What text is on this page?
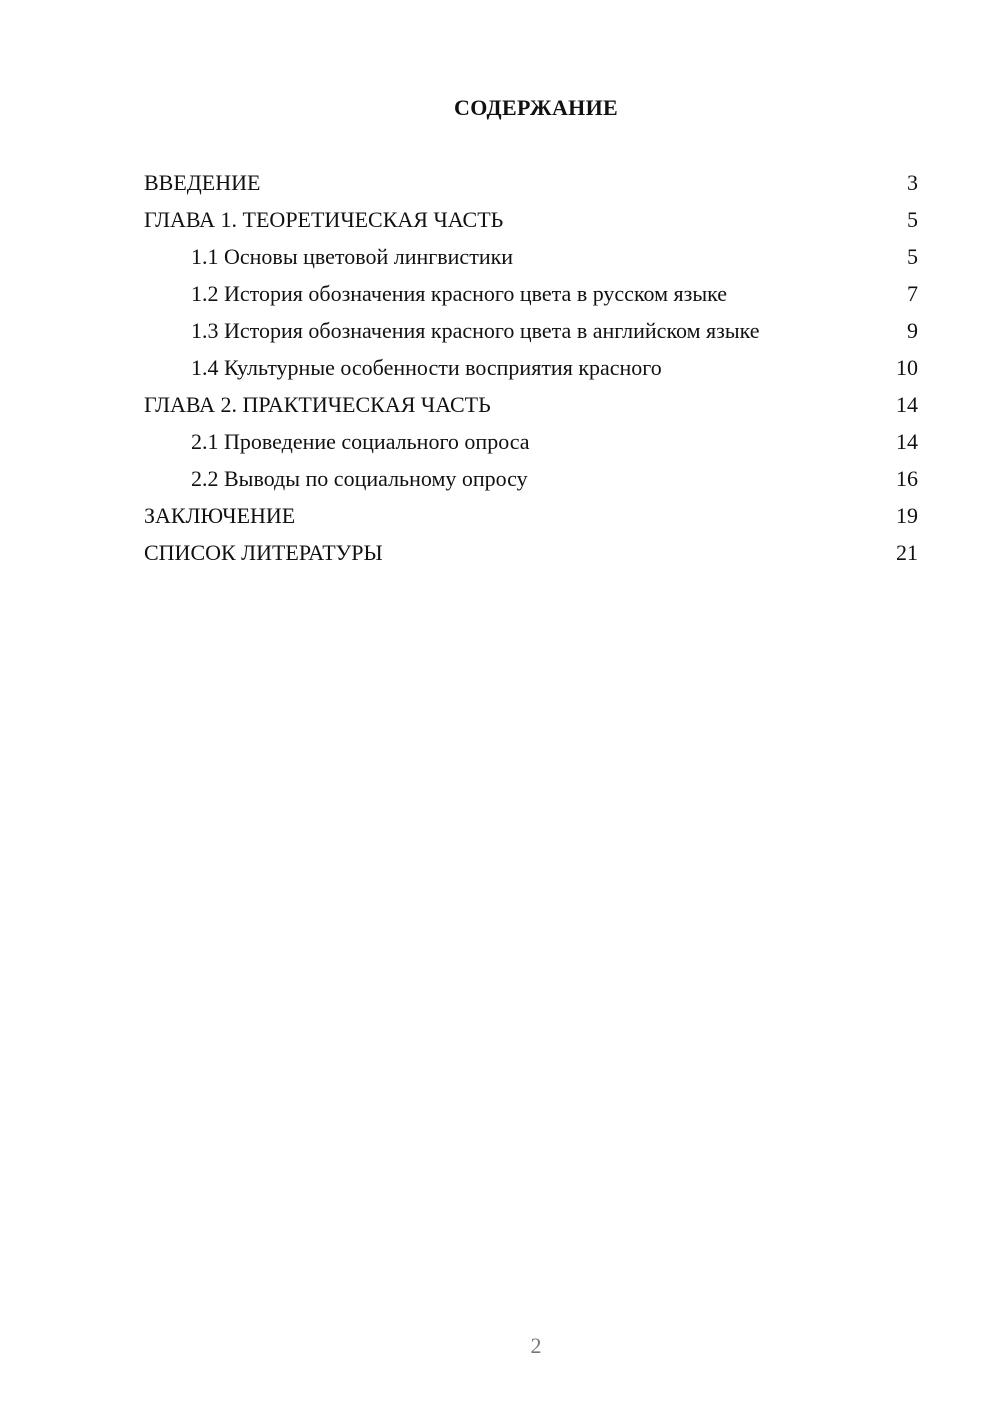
СОДЕРЖАНИЕ
ВВЕДЕНИЕ	3
ГЛАВА 1. ТЕОРЕТИЧЕСКАЯ ЧАСТЬ	5
1.1 Основы цветовой лингвистики	5
1.2 История обозначения красного цвета в русском языке	7
1.3 История обозначения красного цвета в английском языке	9
1.4 Культурные особенности восприятия красного	10
ГЛАВА 2. ПРАКТИЧЕСКАЯ ЧАСТЬ	14
2.1 Проведение социального опроса	14
2.2 Выводы по социальному опросу	16
ЗАКЛЮЧЕНИЕ	19
СПИСОК ЛИТЕРАТУРЫ	21
2
